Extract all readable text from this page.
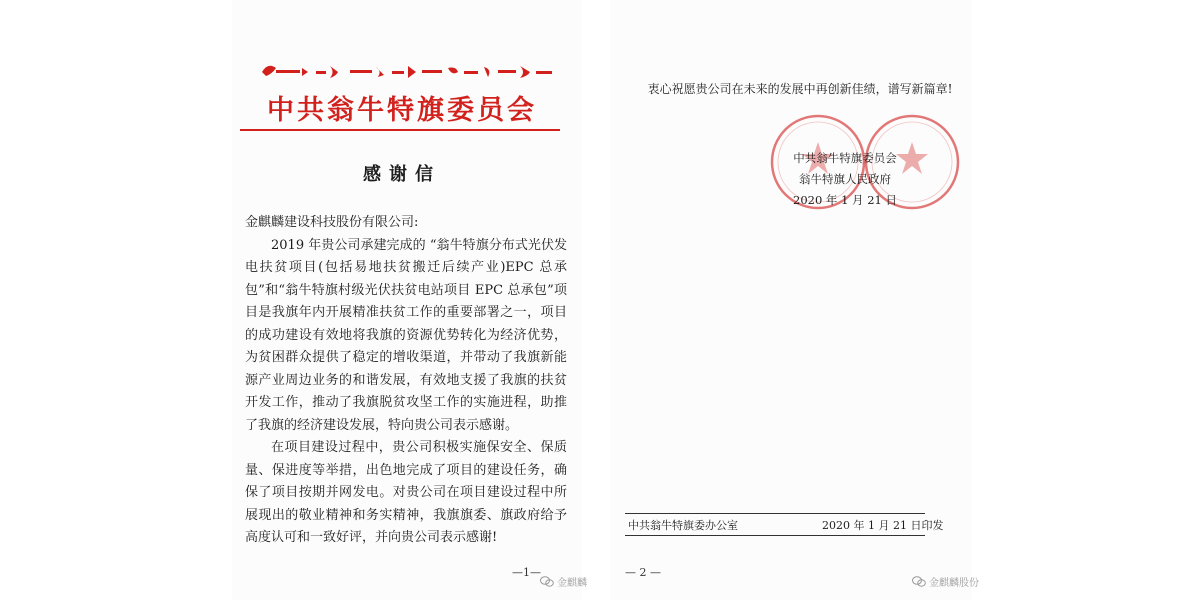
中共翁牛特旗委员会
感谢信

金麒麟建设科技股份有限公司:

2019 年贵公司承建完成的 “翁牛特旗分布式光伏发电扶贫项目(包括易地扶贫搬迁后续产业)EPC 总承包”和“翁牛特旗村级光伏扶贫电站项目 EPC 总承包”项目是我旗年内开展精准扶贫工作的重要部署之一，项目的成功建设有效地将我旗的资源优势转化为经济优势，为贫困群众提供了稳定的增收渠道，并带动了我旗新能源产业周边业务的和谐发展，有效地支援了我旗的扶贫开发工作，推动了我旗脱贫攻坚工作的实施进程，助推了我旗的经济建设发展，特向贵公司表示感谢。

在项目建设过程中，贵公司积极实施保安全、保质量、保进度等举措，出色地完成了项目的建设任务，确保了项目按期并网发电。对贵公司在项目建设过程中所展现出的敬业精神和务实精神，我旗旗委、旗政府给予高度认可和一致好评，并向贵公司表示感谢!

—1—
金麒麟
衷心祝愿贵公司在未来的发展中再创新佳绩，谱写新篇章!
中共翁牛特旗委员会
翁牛特旗人民政府
2020 年 1 月 21 日
中共翁牛特旗委办公室	2020 年 1 月 21 日印发
— 2 —
金麒麟股份
